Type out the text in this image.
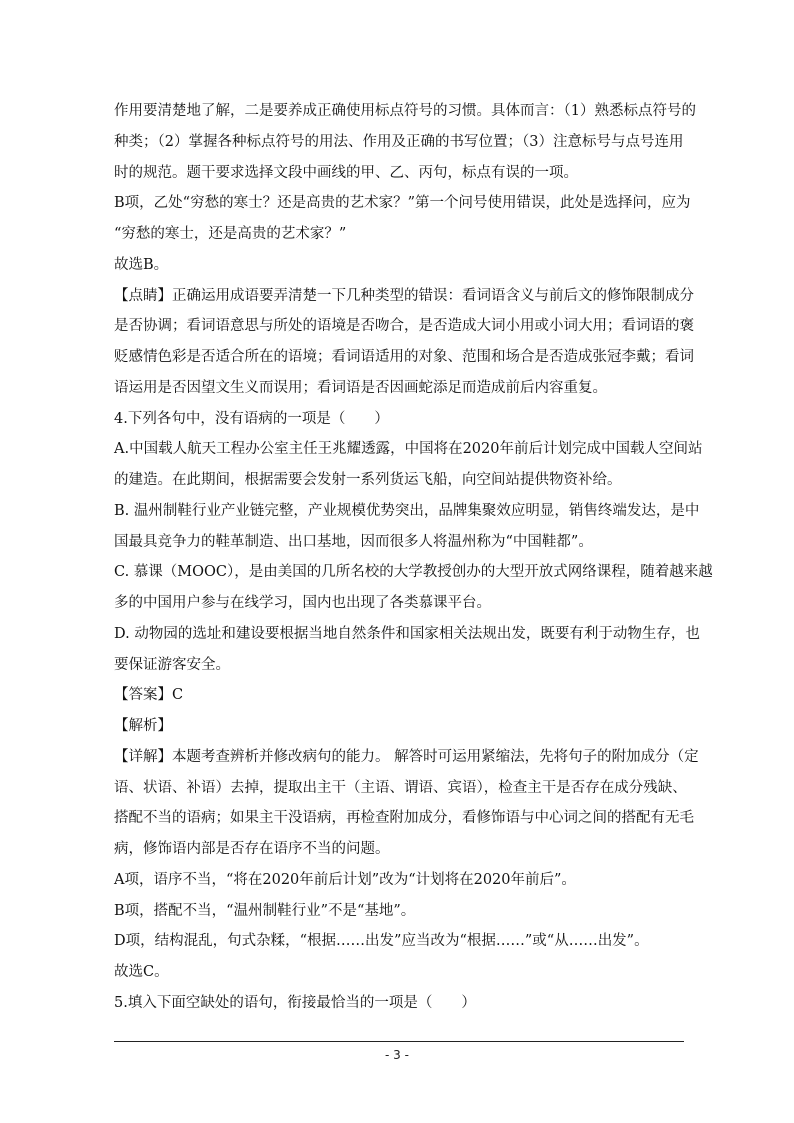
作用要清楚地了解，二是要养成正确使用标点符号的习惯。具体而言：（1）熟悉标点符号的
种类；（2）掌握各种标点符号的用法、作用及正确的书写位置；（3）注意标号与点号连用
时的规范。题干要求选择文段中画线的甲、乙、丙句，标点有误的一项。
B项，乙处“穷愁的寒士？还是高贵的艺术家？”第一个问号使用错误，此处是选择问，应为
“穷愁的寒士，还是高贵的艺术家？”
故选B。
【点睛】正确运用成语要弄清楚一下几种类型的错误：看词语含义与前后文的修饰限制成分
是否协调；看词语意思与所处的语境是否吻合，是否造成大词小用或小词大用；看词语的褒
贬感情色彩是否适合所在的语境；看词语适用的对象、范围和场合是否造成张冠李戴；看词
语运用是否因望文生义而误用；看词语是否因画蛇添足而造成前后内容重复。
4.下列各句中，没有语病的一项是（　　）
A.中国载人航天工程办公室主任王兆耀透露，中国将在2020年前后计划完成中国载人空间站
的建造。在此期间，根据需要会发射一系列货运飞船，向空间站提供物资补给。
B. 温州制鞋行业产业链完整，产业规模优势突出，品牌集聚效应明显，销售终端发达，是中
国最具竞争力的鞋革制造、出口基地，因而很多人将温州称为“中国鞋都”。
C. 慕课（MOOC），是由美国的几所名校的大学教授创办的大型开放式网络课程，随着越来越
多的中国用户参与在线学习，国内也出现了各类慕课平台。
D. 动物园的选址和建设要根据当地自然条件和国家相关法规出发，既要有利于动物生存，也
要保证游客安全。
【答案】C
【解析】
【详解】本题考查辨析并修改病句的能力。 解答时可运用紧缩法，先将句子的附加成分（定
语、状语、补语）去掉，提取出主干（主语、谓语、宾语），检查主干是否存在成分残缺、
搭配不当的语病；如果主干没语病，再检查附加成分，看修饰语与中心词之间的搭配有无毛
病，修饰语内部是否存在语序不当的问题。
A项，语序不当，“将在2020年前后计划”改为“计划将在2020年前后”。
B项，搭配不当，“温州制鞋行业”不是“基地”。
D项，结构混乱，句式杂糅，“根据……出发”应当改为“根据……”或“从……出发”。
故选C。
5.填入下面空缺处的语句，衔接最恰当的一项是（　　）
- 3 -
